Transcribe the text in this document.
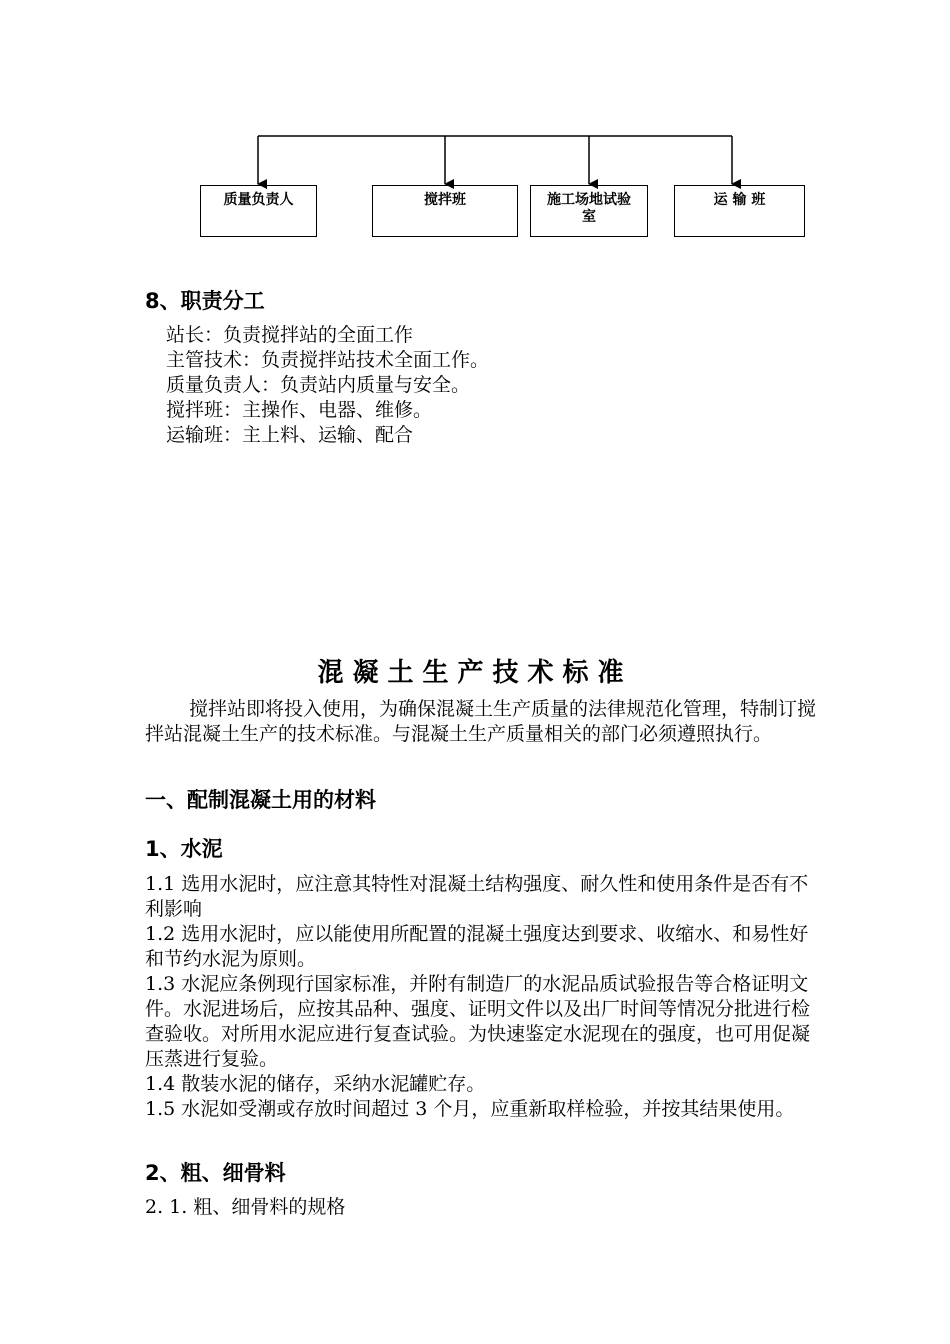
质量负责人	搅拌班	施工场地试验室
运 输 班
8、职责分工
站长：负责搅拌站的全面工作
主管技术：负责搅拌站技术全面工作。
质量负责人：负责站内质量与安全。
搅拌班：主操作、电器、维修。
运输班：主上料、运输、配合
混凝土生产技术标准
搅拌站即将投入使用，为确保混凝土生产质量的法律规范化管理，特制订搅拌站混凝土生产的技术标准。与混凝土生产质量相关的部门必须遵照执行。
一、配制混凝土用的材料
1、水泥
1.1 选用水泥时，应注意其特性对混凝土结构强度、耐久性和使用条件是否有不利影响
1.2 选用水泥时，应以能使用所配置的混凝土强度达到要求、收缩水、和易性好和节约水泥为原则。
1.3 水泥应条例现行国家标准，并附有制造厂的水泥品质试验报告等合格证明文件。水泥进场后，应按其品种、强度、证明文件以及出厂时间等情况分批进行检查验收。对所用水泥应进行复查试验。为快速鉴定水泥现在的强度，也可用促凝压蒸进行复验。
1.4 散装水泥的储存，采纳水泥罐贮存。
1.5 水泥如受潮或存放时间超过 3 个月，应重新取样检验，并按其结果使用。
2、粗、细骨料
2. 1. 粗、细骨料的规格
